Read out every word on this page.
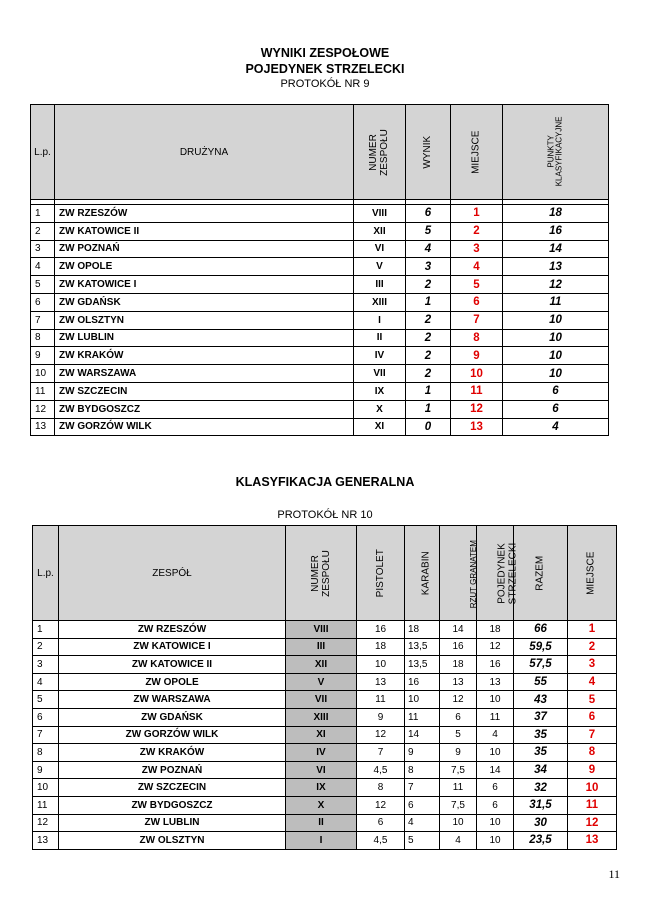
WYNIKI ZESPOŁOWE
POJEDYNEK STRZELECKI
PROTOKÓŁ NR 9
L.p.	DRUŻYNA	NUMER
ZESPOŁU	WYNIK	MIEJSCE	PUNKTY
KLASYFIKACYJNE

1	ZW RZESZÓW	VIII	6	1	18
2	ZW KATOWICE II	XII	5	2	16
3	ZW POZNAŃ	VI	4	3	14
4	ZW OPOLE	V	3	4	13
5	ZW KATOWICE I	III	2	5	12
6	ZW GDAŃSK	XIII	1	6	11
7	ZW OLSZTYN	I	2	7	10
8	ZW LUBLIN	II	2	8	10
9	ZW KRAKÓW	IV	2	9	10
10	ZW WARSZAWA	VII	2	10	10
11	ZW SZCZECIN	IX	1	11	6
12	ZW BYDGOSZCZ	X	1	12	6
13	ZW GORZÓW WILK	XI	0	13	4
KLASYFIKACJA GENERALNA
PROTOKÓŁ NR 10
L.p.	ZESPÓŁ	NUMER
ZESPOŁU	PISTOLET	KARABIN	RZUT GRANATEM	POJEDYNEK
STRZELECKI	RAZEM	MIEJSCE
1	ZW RZESZÓW	VIII	16	18	14	18	66	1
2	ZW KATOWICE I	III	18	13,5	16	12	59,5	2
3	ZW KATOWICE II	XII	10	13,5	18	16	57,5	3
4	ZW OPOLE	V	13	16	13	13	55	4
5	ZW WARSZAWA	VII	11	10	12	10	43	5
6	ZW GDAŃSK	XIII	9	11	6	11	37	6
7	ZW GORZÓW WILK	XI	12	14	5	4	35	7
8	ZW KRAKÓW	IV	7	9	9	10	35	8
9	ZW POZNAŃ	VI	4,5	8	7,5	14	34	9
10	ZW SZCZECIN	IX	8	7	11	6	32	10
11	ZW BYDGOSZCZ	X	12	6	7,5	6	31,5	11
12	ZW LUBLIN	II	6	4	10	10	30	12
13	ZW OLSZTYN	I	4,5	5	4	10	23,5	13
11
